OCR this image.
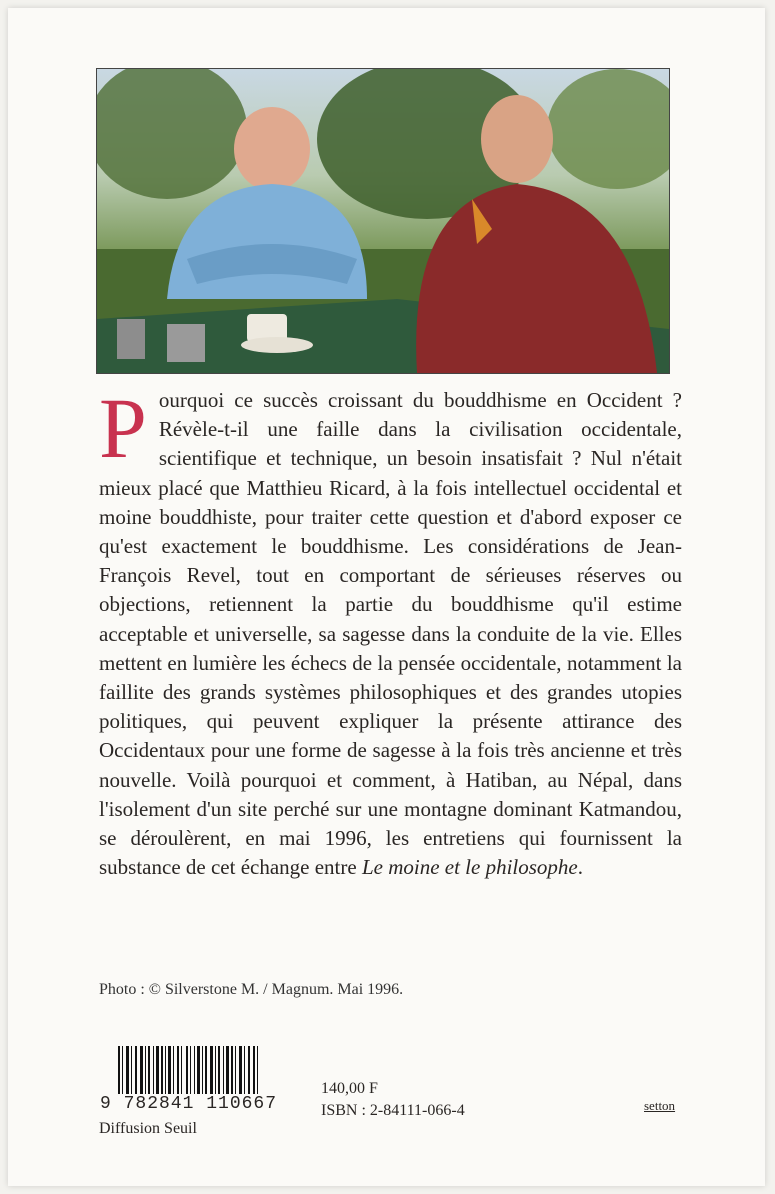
Pourquoi ce succès croissant du bouddhisme en Occident ? Révèle-t-il une faille dans la civilisation occidentale, scientifique et technique, un besoin insatisfait ? Nul n'était mieux placé que Matthieu Ricard, à la fois intellectuel occidental et moine bouddhiste, pour traiter cette question et d'abord exposer ce qu'est exactement le bouddhisme. Les considérations de Jean-François Revel, tout en comportant de sérieuses réserves ou objections, retiennent la partie du bouddhisme qu'il estime acceptable et universelle, sa sagesse dans la conduite de la vie. Elles mettent en lumière les échecs de la pensée occidentale, notamment la faillite des grands systèmes philosophiques et des grandes utopies politiques, qui peuvent expliquer la présente attirance des Occidentaux pour une forme de sagesse à la fois très ancienne et très nouvelle. Voilà pourquoi et comment, à Hatiban, au Népal, dans l'isolement d'un site perché sur une montagne dominant Katmandou, se déroulèrent, en mai 1996, les entretiens qui fournissent la substance de cet échange entre Le moine et le philosophe.

Photo : © Silverstone M. / Magnum. Mai 1996.
9 782841 110667
Diffusion Seuil
140,00 F
ISBN : 2-84111-066-4	setton
